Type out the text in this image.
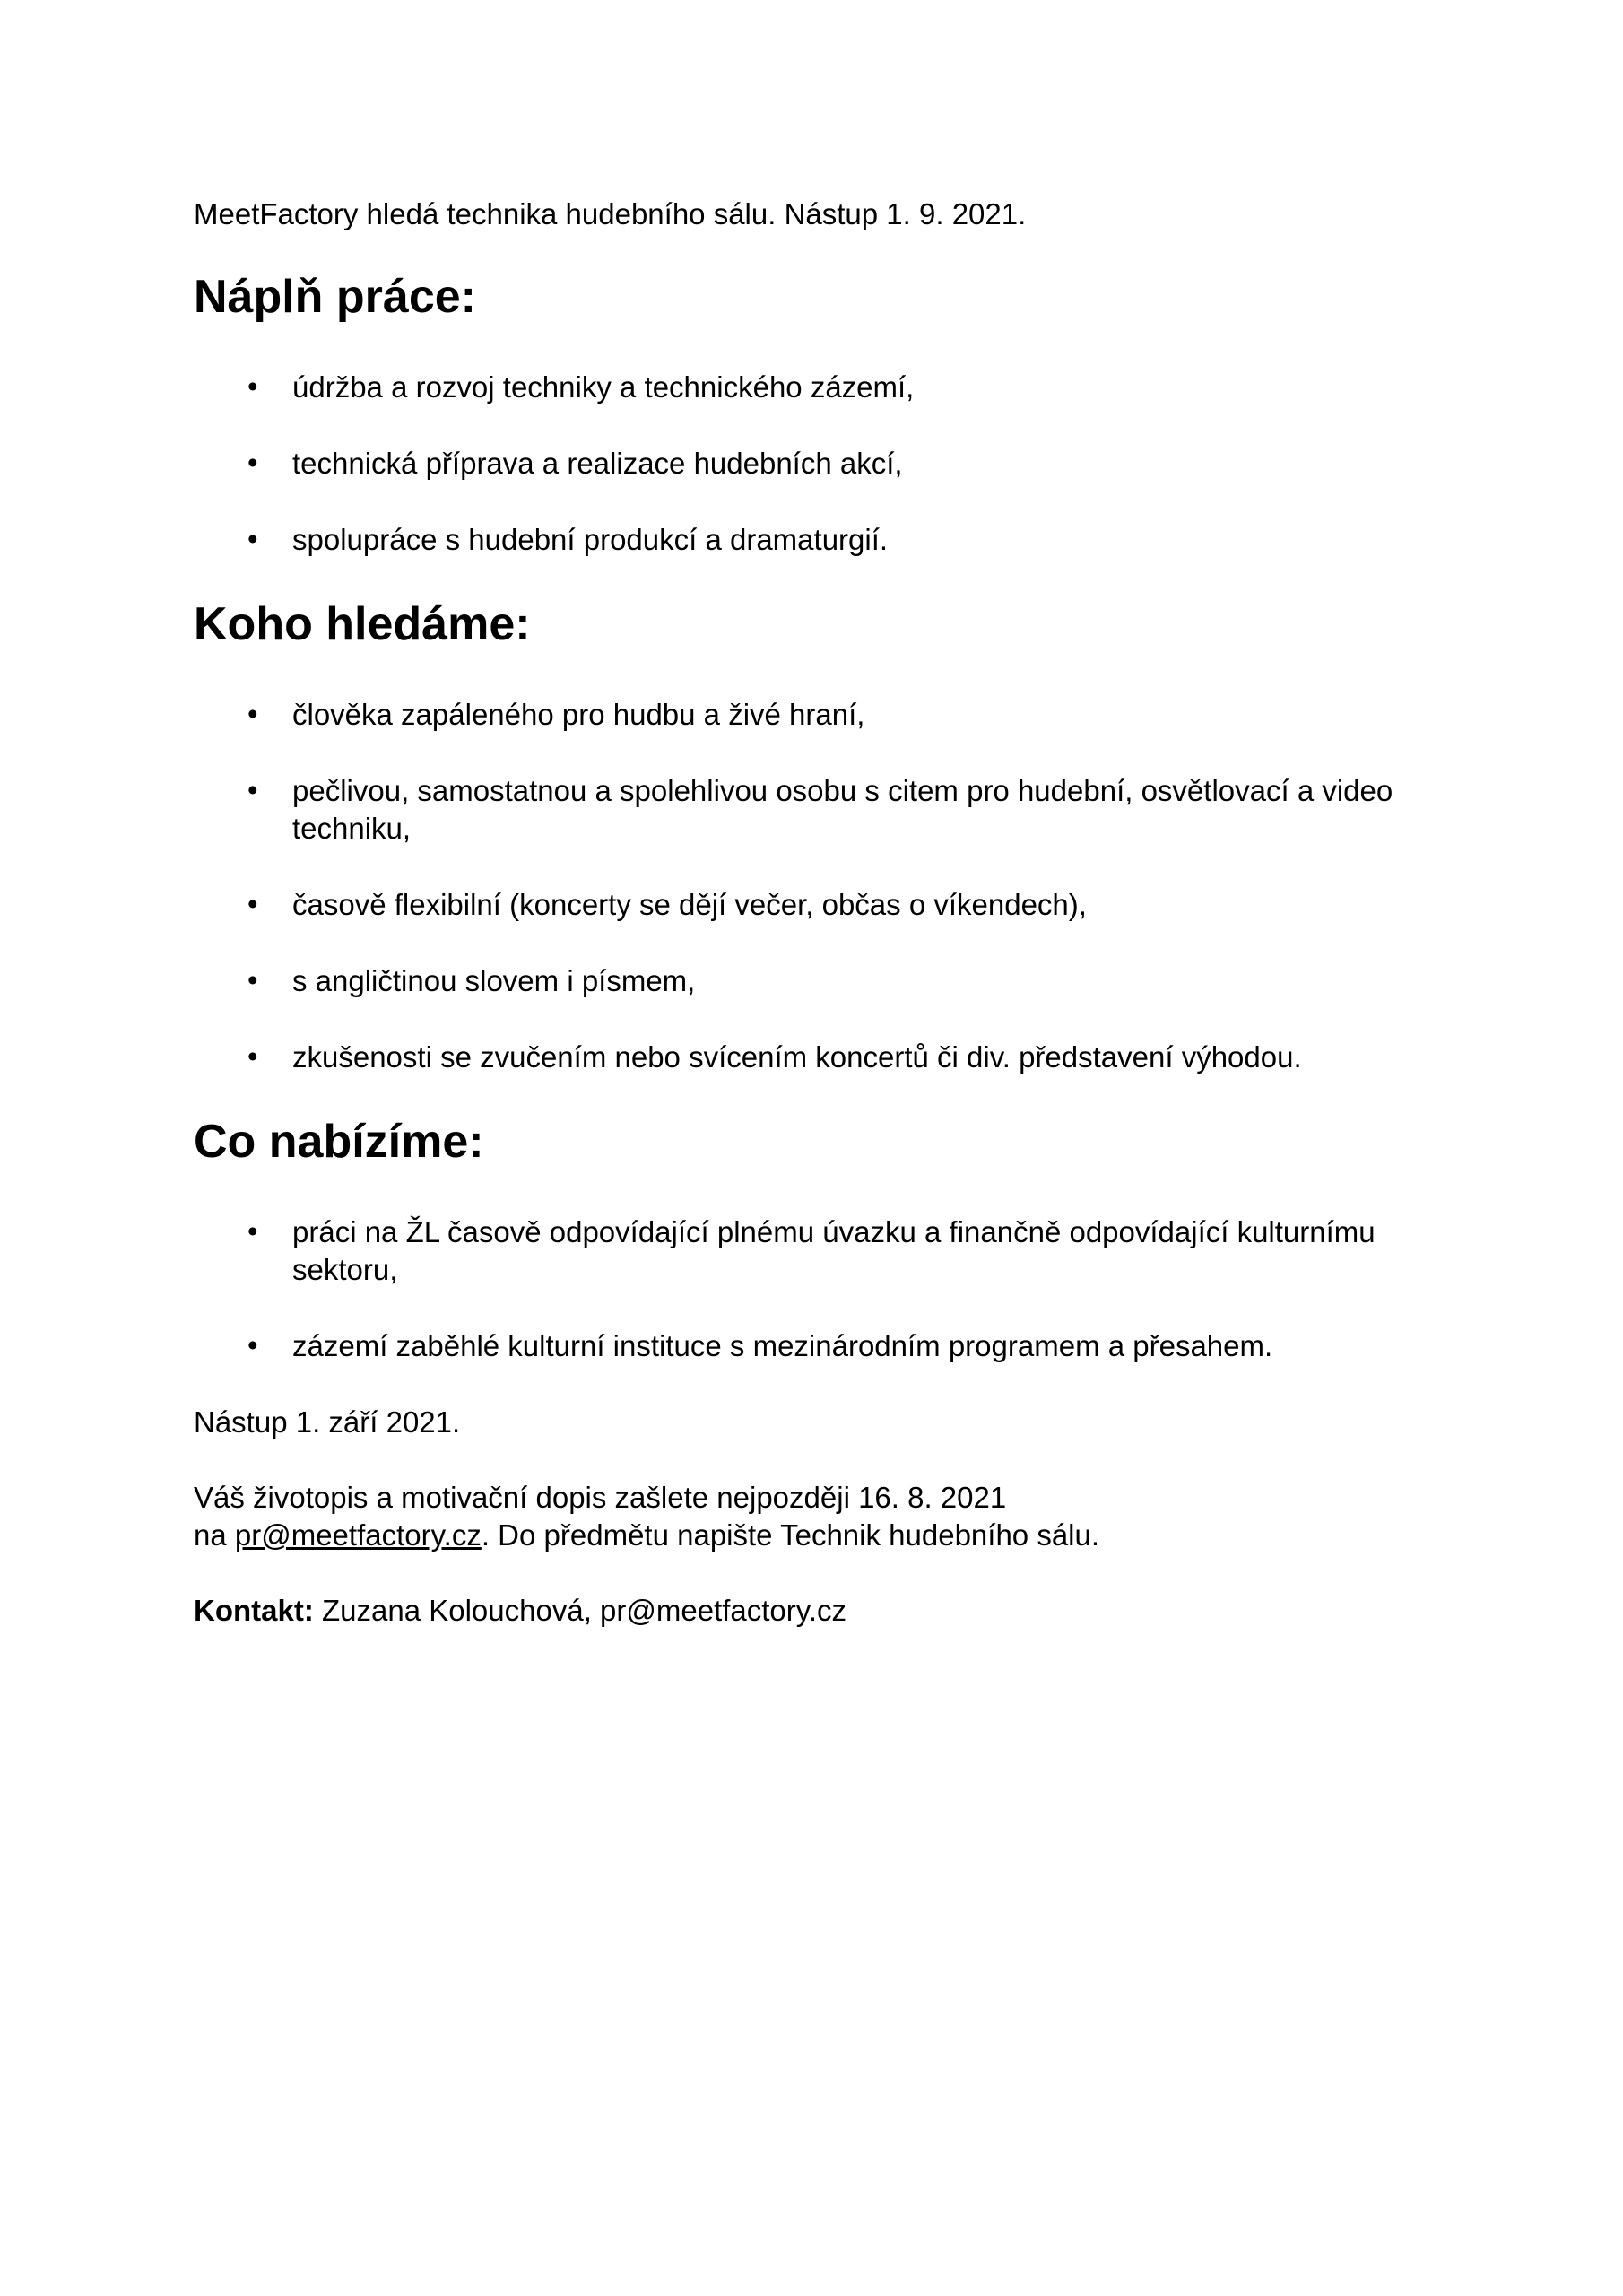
MeetFactory hledá technika hudebního sálu. Nástup 1. 9. 2021.

Náplň práce:
• údržba a rozvoj techniky a technického zázemí,
• technická příprava a realizace hudebních akcí,
• spolupráce s hudební produkcí a dramaturgií.
Koho hledáme:
• člověka zapáleného pro hudbu a živé hraní,
• pečlivou, samostatnou a spolehlivou osobu s citem pro hudební, osvětlovací a video techniku,
• časově flexibilní (koncerty se dějí večer, občas o víkendech),
• s angličtinou slovem i písmem,
• zkušenosti se zvučením nebo svícením koncertů či div. představení výhodou.
Co nabízíme:
• práci na ŽL časově odpovídající plnému úvazku a finančně odpovídající kulturnímu sektoru,
• zázemí zaběhlé kulturní instituce s mezinárodním programem a přesahem.

Nástup 1. září 2021.

Váš životopis a motivační dopis zašlete nejpozději 16. 8. 2021
na pr@meetfactory.cz. Do předmětu napište Technik hudebního sálu.

Kontakt: Zuzana Kolouchová, pr@meetfactory.cz
